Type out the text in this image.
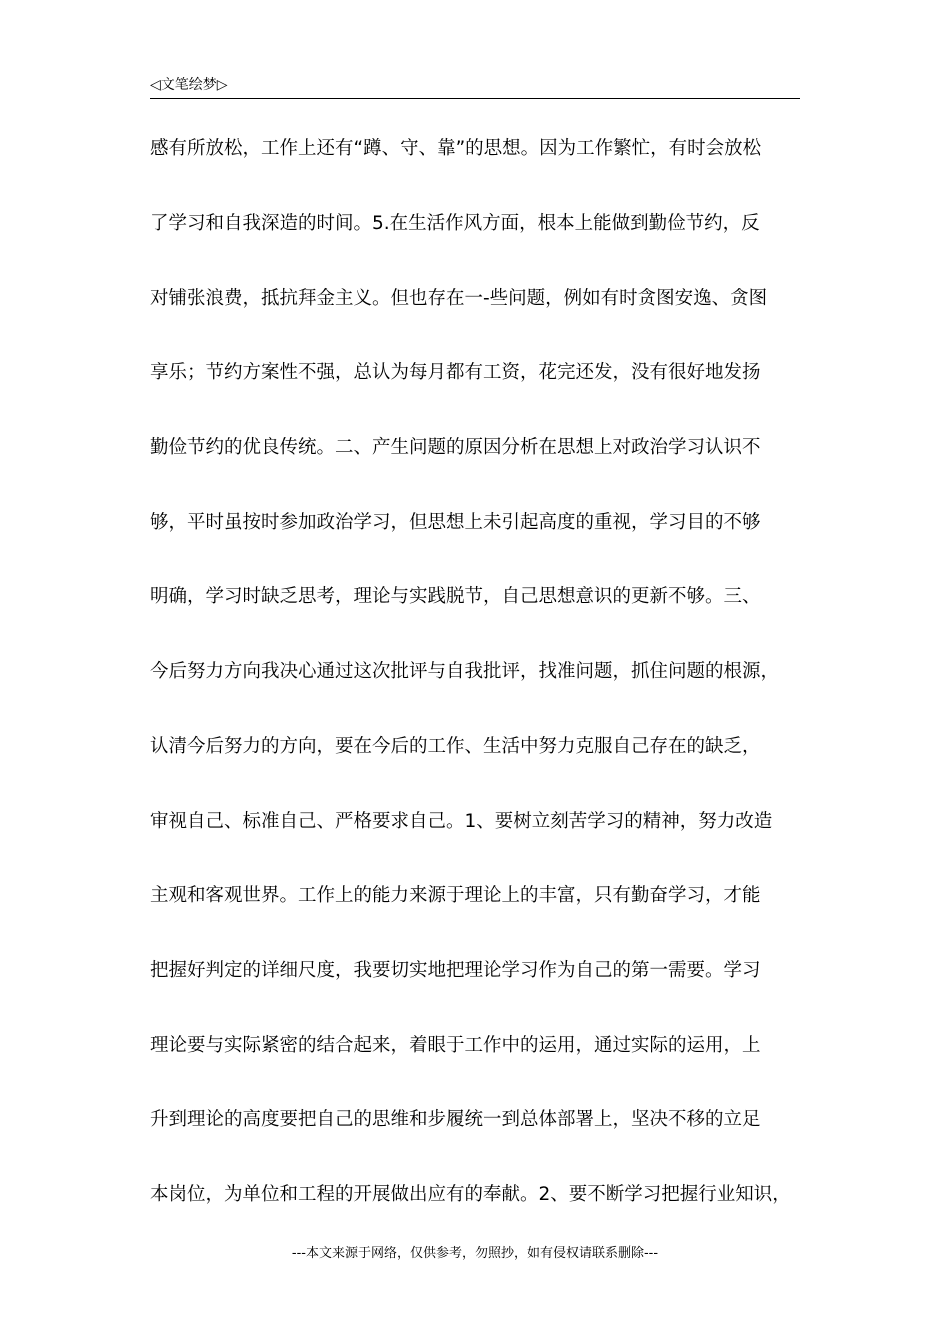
◁文笔绘梦▷
感有所放松，工作上还有“蹲、守、靠”的思想。因为工作繁忙，有时会放松
了学习和自我深造的时间。5.在生活作风方面，根本上能做到勤俭节约，反
对铺张浪费，抵抗拜金主义。但也存在一-些问题，例如有时贪图安逸、贪图
享乐；节约方案性不强，总认为每月都有工资，花完还发，没有很好地发扬
勤俭节约的优良传统。二、产生问题的原因分析在思想上对政治学习认识不
够，平时虽按时参加政治学习，但思想上未引起高度的重视，学习目的不够
明确，学习时缺乏思考，理论与实践脱节，自己思想意识的更新不够。三、
今后努力方向我决心通过这次批评与自我批评，找准问题，抓住问题的根源，
认清今后努力的方向，要在今后的工作、生活中努力克服自己存在的缺乏，
审视自己、标准自己、严格要求自己。1、要树立刻苦学习的精神，努力改造
主观和客观世界。工作上的能力来源于理论上的丰富，只有勤奋学习，才能
把握好判定的详细尺度，我要切实地把理论学习作为自己的第一需要。学习
理论要与实际紧密的结合起来，着眼于工作中的运用，通过实际的运用，上
升到理论的高度要把自己的思维和步履统一到总体部署上，坚决不移的立足
本岗位，为单位和工程的开展做出应有的奉献。2、要不断学习把握行业知识，
---本文来源于网络，仅供参考，勿照抄，如有侵权请联系删除---
